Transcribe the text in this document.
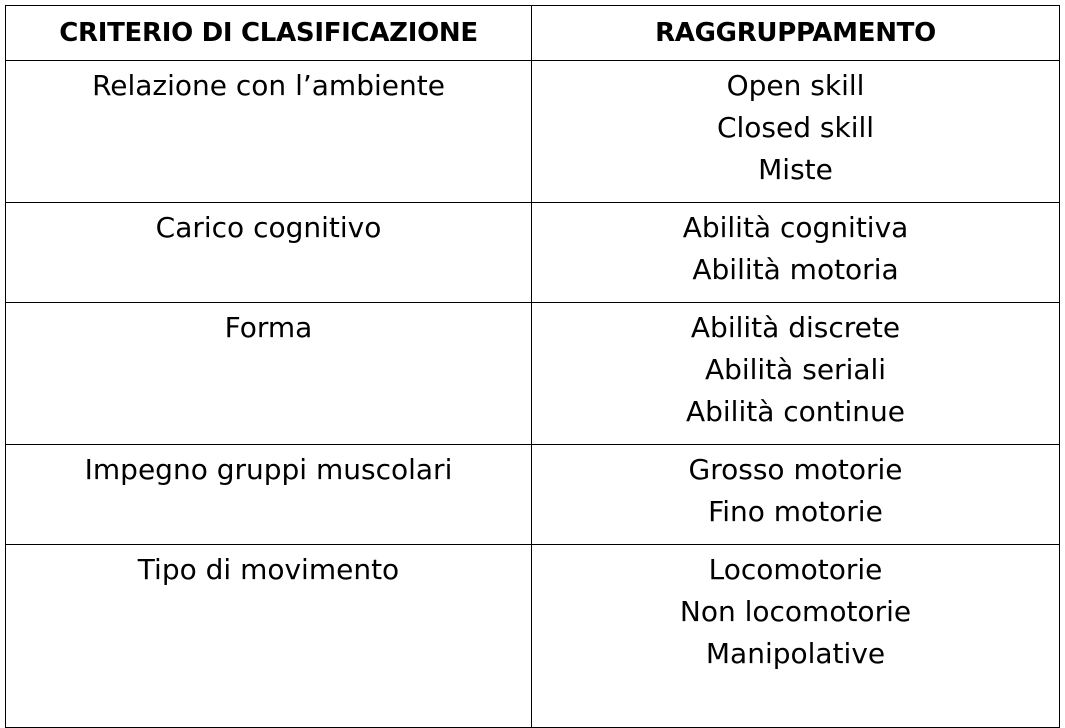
CRITERIO DI CLASIFICAZIONE	RAGGRUPPAMENTO

Relazione con l’ambiente	Open skill
Closed skill
Miste

Carico cognitivo	Abilità cognitiva
Abilità motoria

Forma	Abilità discrete
Abilità seriali
Abilità continue

Impegno gruppi muscolari	Grosso motorie
Fino motorie

Tipo di movimento	Locomotorie
Non locomotorie
Manipolative
